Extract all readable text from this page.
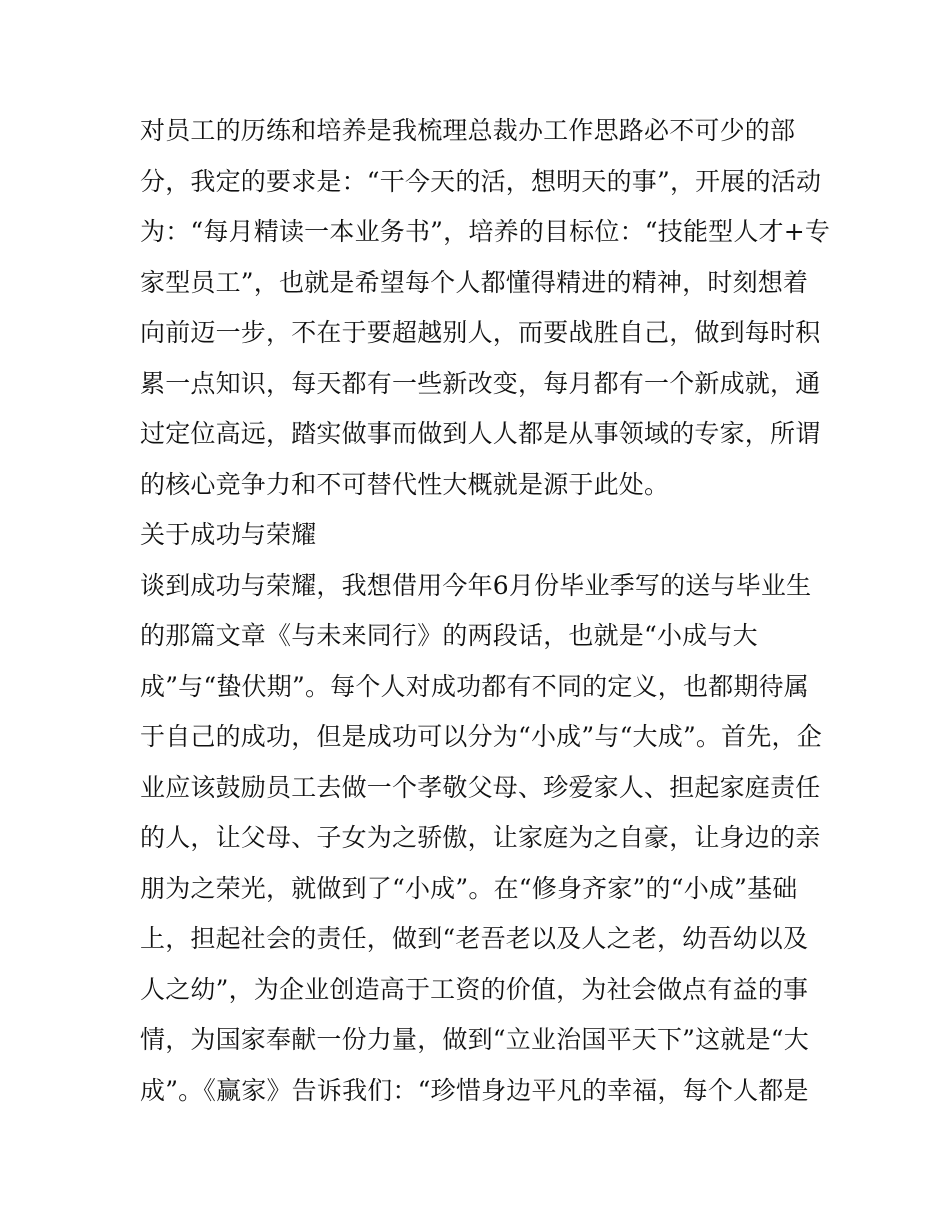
对员工的历练和培养是我梳理总裁办工作思路必不可少的部
分，我定的要求是：“干今天的活，想明天的事”，开展的活动
为：“每月精读一本业务书”，培养的目标位：“技能型人才+专
家型员工”，也就是希望每个人都懂得精进的精神，时刻想着
向前迈一步，不在于要超越别人，而要战胜自己，做到每时积
累一点知识，每天都有一些新改变，每月都有一个新成就，通
过定位高远，踏实做事而做到人人都是从事领域的专家，所谓
的核心竞争力和不可替代性大概就是源于此处。
关于成功与荣耀
谈到成功与荣耀，我想借用今年6月份毕业季写的送与毕业生
的那篇文章《与未来同行》的两段话，也就是“小成与大
成”与“蛰伏期”。每个人对成功都有不同的定义，也都期待属
于自己的成功，但是成功可以分为“小成”与“大成”。首先，企
业应该鼓励员工去做一个孝敬父母、珍爱家人、担起家庭责任
的人，让父母、子女为之骄傲，让家庭为之自豪，让身边的亲
朋为之荣光，就做到了“小成”。在“修身齐家”的“小成”基础
上，担起社会的责任，做到“老吾老以及人之老，幼吾幼以及
人之幼”，为企业创造高于工资的价值，为社会做点有益的事
情，为国家奉献一份力量，做到“立业治国平天下”这就是“大
成”。《赢家》告诉我们：“珍惜身边平凡的幸福，每个人都是
